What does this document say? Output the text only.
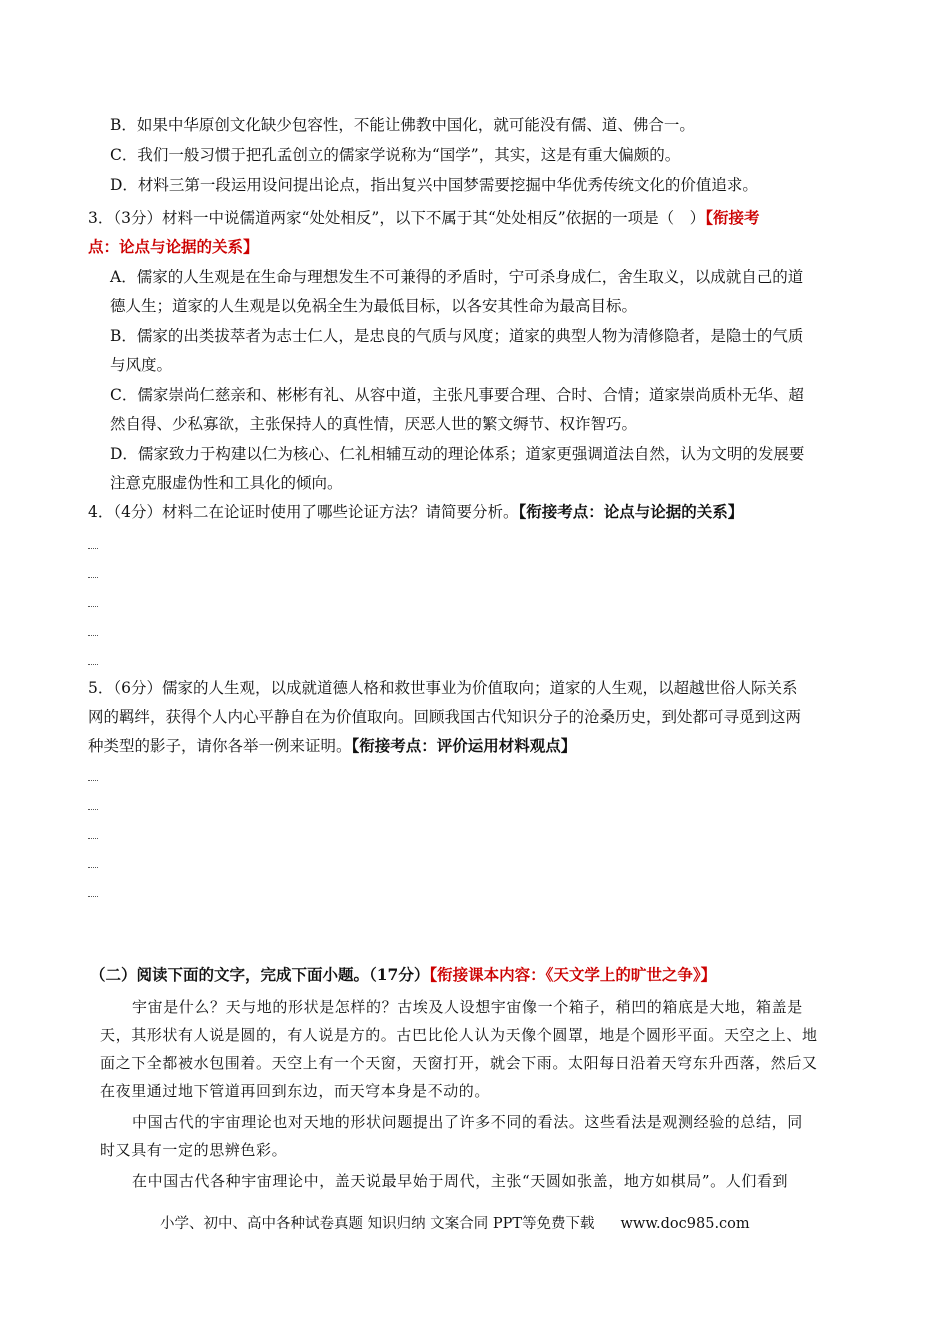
B．如果中华原创文化缺少包容性，不能让佛教中国化，就可能没有儒、道、佛合一。
C．我们一般习惯于把孔孟创立的儒家学说称为“国学”，其实，这是有重大偏颇的。
D．材料三第一段运用设问提出论点，指出复兴中国梦需要挖掘中华优秀传统文化的价值追求。
3．（3分）材料一中说儒道两家“处处相反”，以下不属于其“处处相反”依据的一项是（　）【衔接考
点：论点与论据的关系】
A．儒家的人生观是在生命与理想发生不可兼得的矛盾时，宁可杀身成仁，舍生取义，以成就自己的道
德人生；道家的人生观是以免祸全生为最低目标，以各安其性命为最高目标。
B．儒家的出类拔萃者为志士仁人，是忠良的气质与风度；道家的典型人物为清修隐者，是隐士的气质
与风度。
C．儒家崇尚仁慈亲和、彬彬有礼、从容中道，主张凡事要合理、合时、合情；道家崇尚质朴无华、超
然自得、少私寡欲，主张保持人的真性情，厌恶人世的繁文缛节、权诈智巧。
D．儒家致力于构建以仁为核心、仁礼相辅互动的理论体系；道家更强调道法自然，认为文明的发展要
注意克服虚伪性和工具化的倾向。
4．（4分）材料二在论证时使用了哪些论证方法？请简要分析。【衔接考点：论点与论据的关系】
5．（6分）儒家的人生观，以成就道德人格和救世事业为价值取向；道家的人生观，以超越世俗人际关系
网的羁绊，获得个人内心平静自在为价值取向。回顾我国古代知识分子的沧桑历史，到处都可寻觅到这两
种类型的影子，请你各举一例来证明。【衔接考点：评价运用材料观点】
（二）阅读下面的文字，完成下面小题。（17分）【衔接课本内容：《天文学上的旷世之争》】
宇宙是什么？天与地的形状是怎样的？古埃及人设想宇宙像一个箱子，稍凹的箱底是大地，箱盖是
天，其形状有人说是圆的，有人说是方的。古巴比伦人认为天像个圆罩，地是个圆形平面。天空之上、地
面之下全都被水包围着。天空上有一个天窗，天窗打开，就会下雨。太阳每日沿着天穹东升西落，然后又
在夜里通过地下管道再回到东边，而天穹本身是不动的。
中国古代的宇宙理论也对天地的形状问题提出了许多不同的看法。这些看法是观测经验的总结，同
时又具有一定的思辨色彩。
在中国古代各种宇宙理论中，盖天说最早始于周代，主张“天圆如张盖，地方如棋局”。人们看到
小学、初中、高中各种试卷真题 知识归纳 文案合同 PPT等免费下载 www.doc985.com
